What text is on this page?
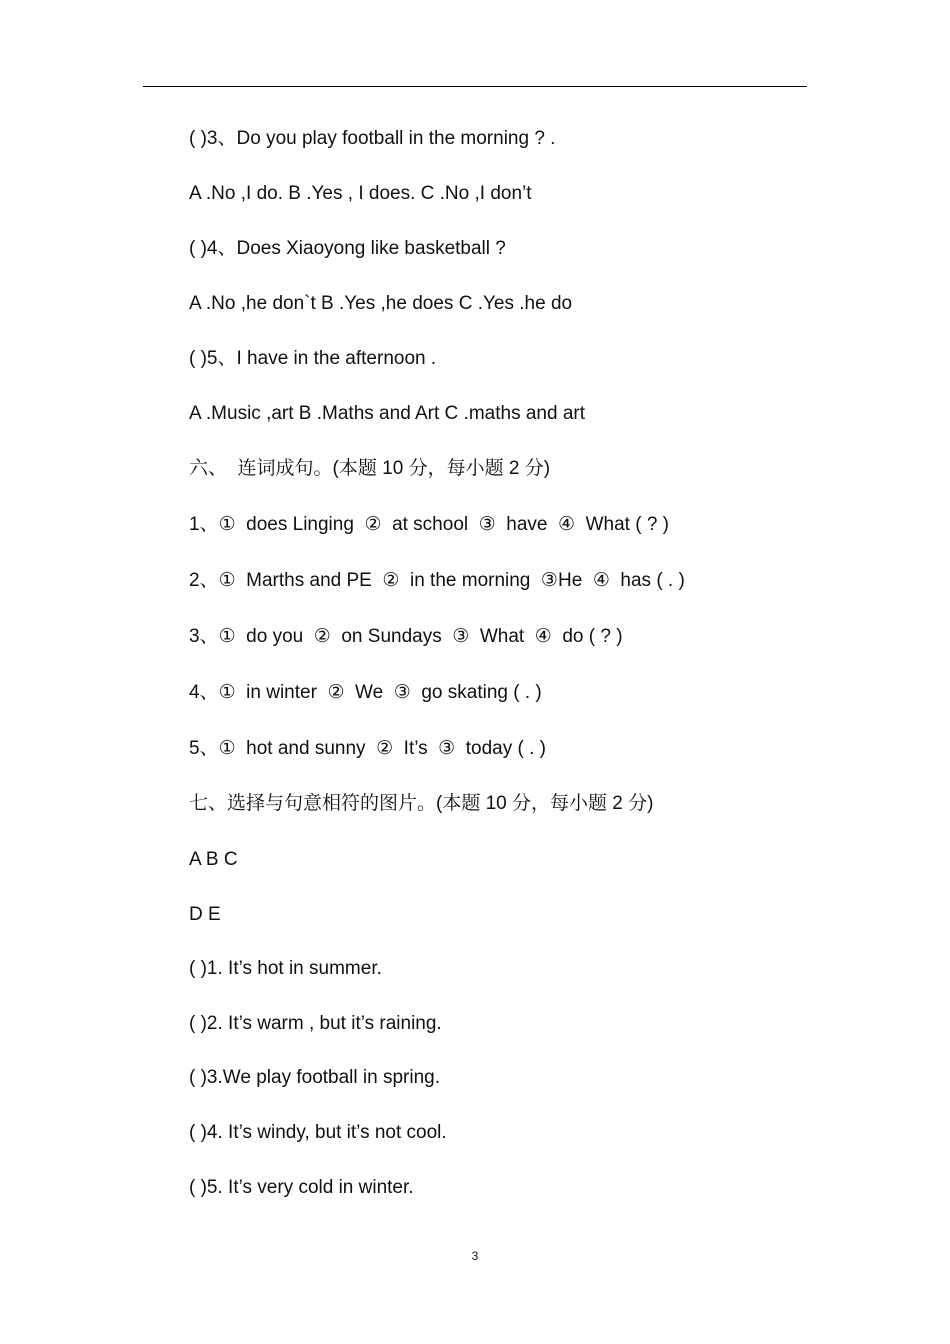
( )3、Do you play football in the morning ? .
A .No ,I do. B .Yes , I does. C .No ,I don’t
( )4、Does Xiaoyong like basketball ?
A .No ,he don`t B .Yes ,he does C .Yes .he do
( )5、I have in the afternoon .
A .Music ,art B .Maths and Art C .maths and art
六、  连词成句。(本题 10 分，每小题 2 分)
1、①  does Linging  ②  at school  ③  have  ④  What ( ? )
2、①  Marths and PE  ②  in the morning  ③He  ④  has ( . )
3、①  do you  ②  on Sundays  ③  What  ④  do ( ? )
4、①  in winter  ②  We  ③  go skating ( . )
5、①  hot and sunny  ②  It’s  ③  today ( . )
七、选择与句意相符的图片。(本题 10 分，每小题 2 分)
A B C
D E
( )1. It’s hot in summer.
( )2. It’s warm , but it’s raining.
( )3.We play football in spring.
( )4. It’s windy, but it’s not cool.
( )5. It’s very cold in winter.
3
